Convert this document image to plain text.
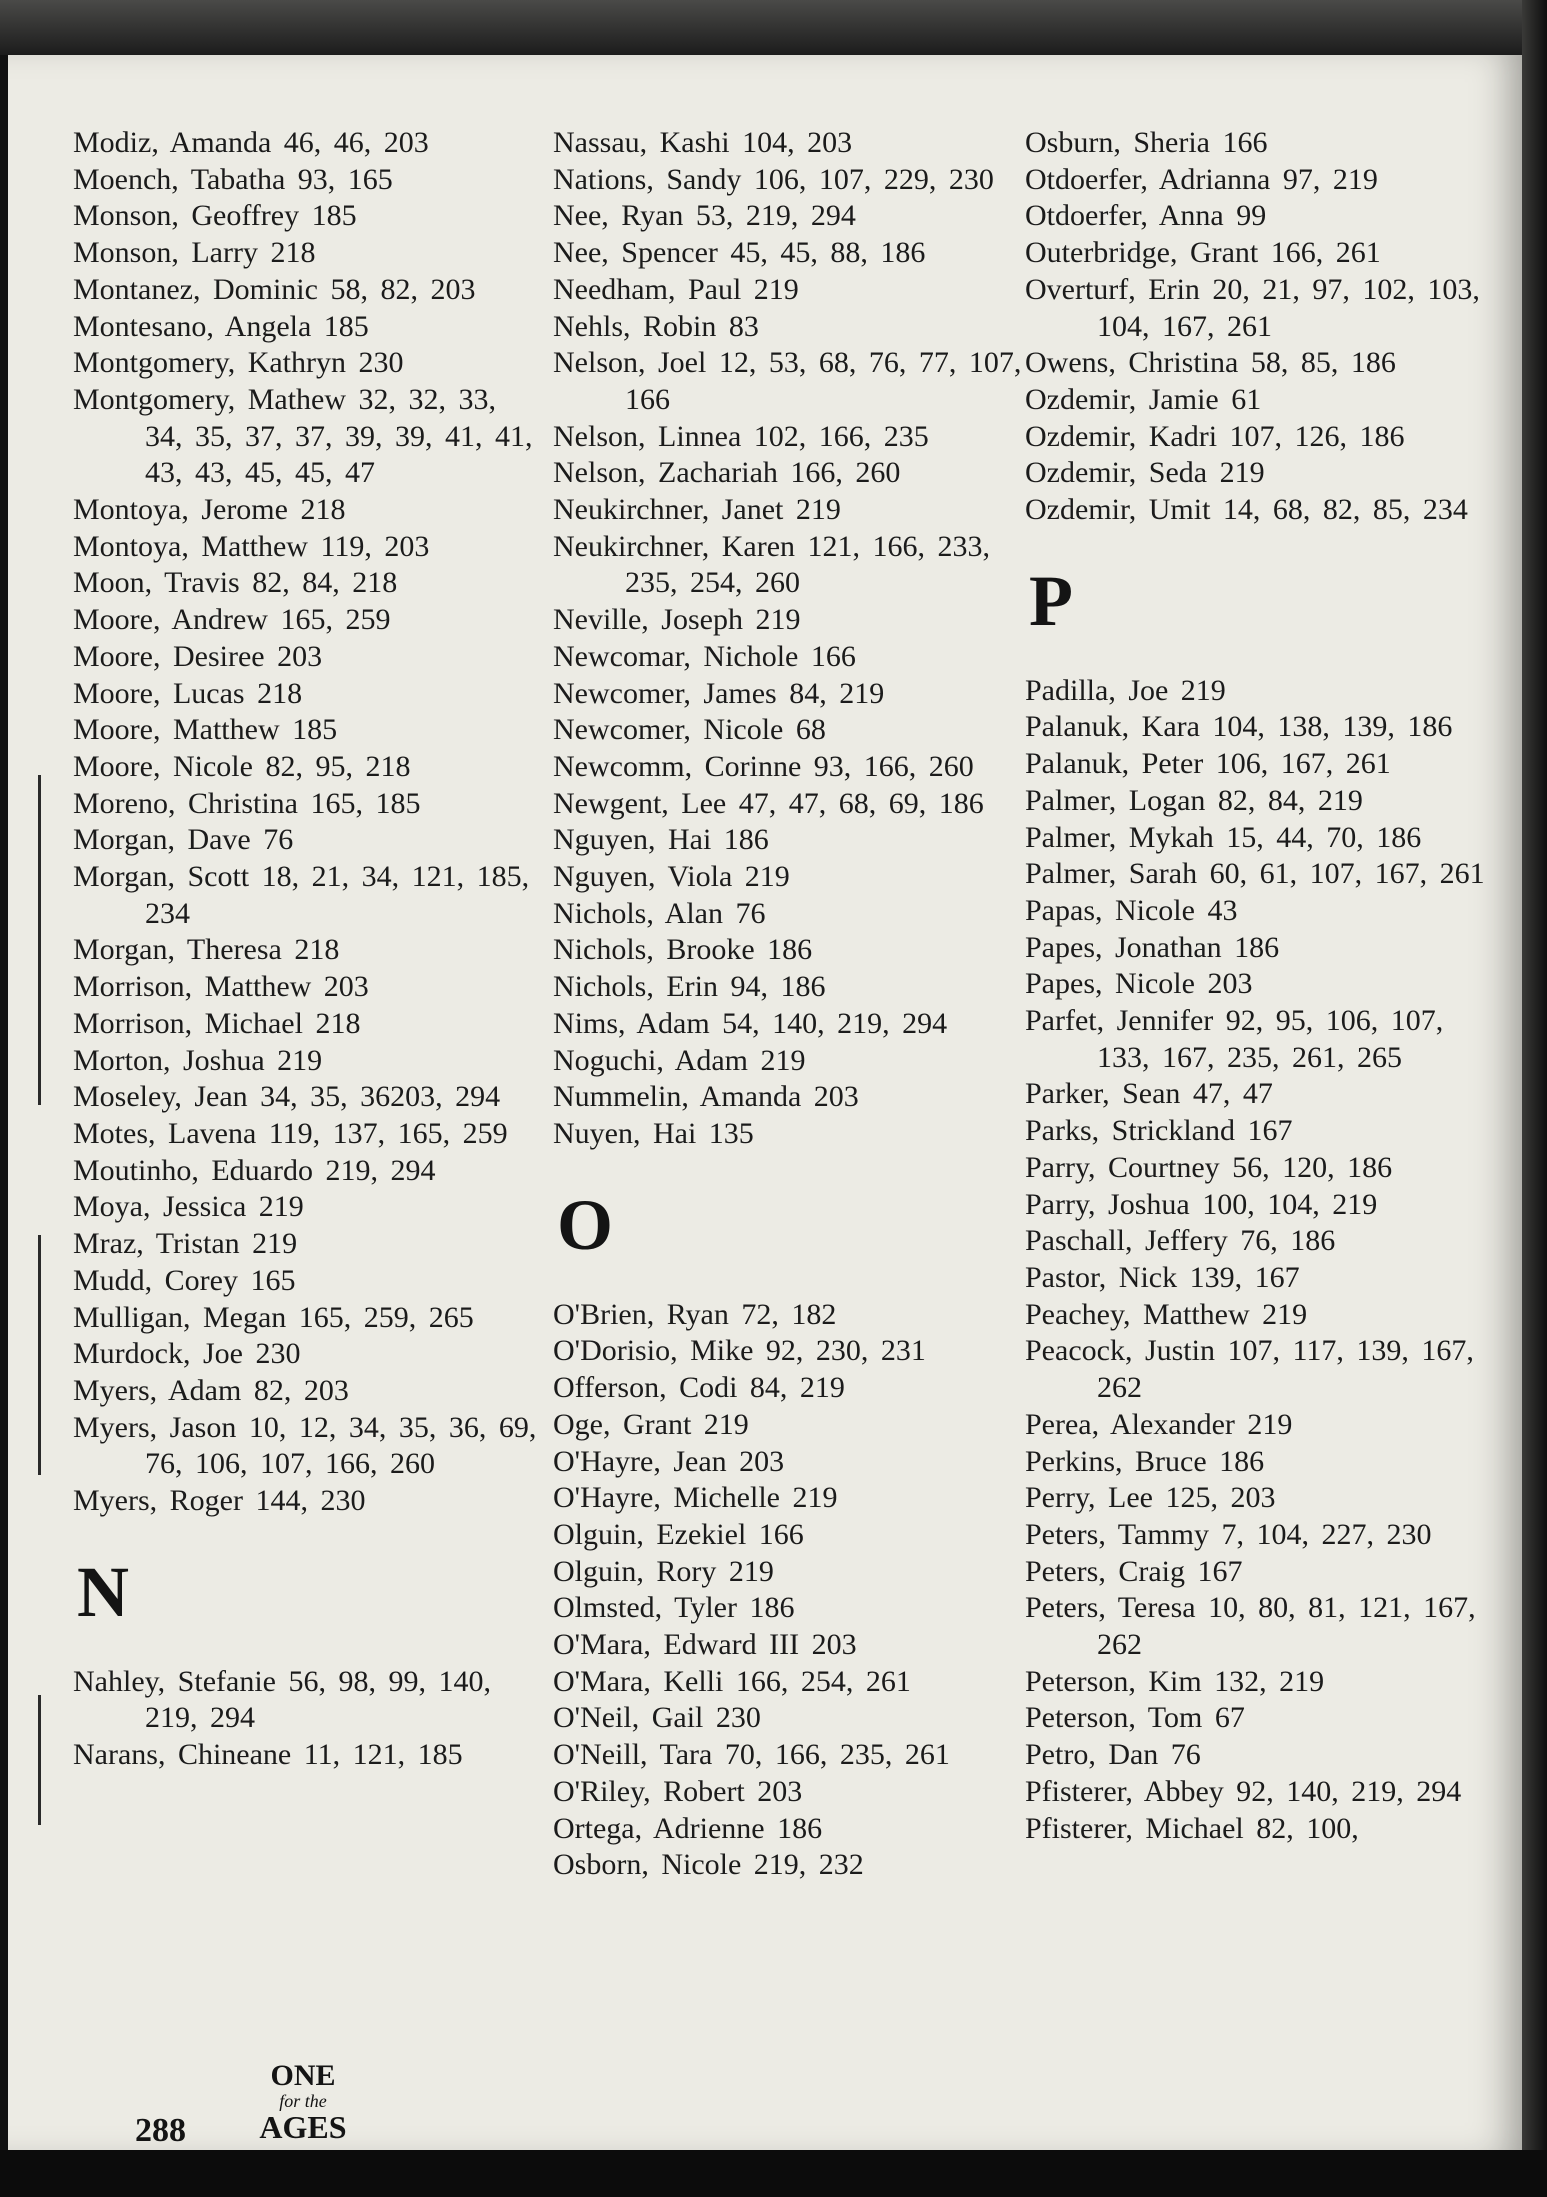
Modiz, Amanda 46, 46, 203
Moench, Tabatha 93, 165
Monson, Geoffrey 185
Monson, Larry 218
Montanez, Dominic 58, 82, 203
Montesano, Angela 185
Montgomery, Kathryn 230
Montgomery, Mathew 32, 32, 33, 34, 35, 37, 37, 39, 39, 41, 41, 43, 43, 45, 45, 47
Montoya, Jerome 218
Montoya, Matthew 119, 203
Moon, Travis 82, 84, 218
Moore, Andrew 165, 259
Moore, Desiree 203
Moore, Lucas 218
Moore, Matthew 185
Moore, Nicole 82, 95, 218
Moreno, Christina 165, 185
Morgan, Dave 76
Morgan, Scott 18, 21, 34, 121, 185, 234
Morgan, Theresa 218
Morrison, Matthew 203
Morrison, Michael 218
Morton, Joshua 219
Moseley, Jean 34, 35, 36203, 294
Motes, Lavena 119, 137, 165, 259
Moutinho, Eduardo 219, 294
Moya, Jessica 219
Mraz, Tristan 219
Mudd, Corey 165
Mulligan, Megan 165, 259, 265
Murdock, Joe 230
Myers, Adam 82, 203
Myers, Jason 10, 12, 34, 35, 36, 69, 76, 106, 107, 166, 260
Myers, Roger 144, 230
N
Nahley, Stefanie 56, 98, 99, 140, 219, 294
Narans, Chineane 11, 121, 185
Nassau, Kashi 104, 203
Nations, Sandy 106, 107, 229, 230
Nee, Ryan 53, 219, 294
Nee, Spencer 45, 45, 88, 186
Needham, Paul 219
Nehls, Robin 83
Nelson, Joel 12, 53, 68, 76, 77, 107, 166
Nelson, Linnea 102, 166, 235
Nelson, Zachariah 166, 260
Neukirchner, Janet 219
Neukirchner, Karen 121, 166, 233, 235, 254, 260
Neville, Joseph 219
Newcomar, Nichole 166
Newcomer, James 84, 219
Newcomer, Nicole 68
Newcomm, Corinne 93, 166, 260
Newgent, Lee 47, 47, 68, 69, 186
Nguyen, Hai 186
Nguyen, Viola 219
Nichols, Alan 76
Nichols, Brooke 186
Nichols, Erin 94, 186
Nims, Adam 54, 140, 219, 294
Noguchi, Adam 219
Nummelin, Amanda 203
Nuyen, Hai 135
O
O'Brien, Ryan 72, 182
O'Dorisio, Mike 92, 230, 231
Offerson, Codi 84, 219
Oge, Grant 219
O'Hayre, Jean 203
O'Hayre, Michelle 219
Olguin, Ezekiel 166
Olguin, Rory 219
Olmsted, Tyler 186
O'Mara, Edward III 203
O'Mara, Kelli 166, 254, 261
O'Neil, Gail 230
O'Neill, Tara 70, 166, 235, 261
O'Riley, Robert 203
Ortega, Adrienne 186
Osborn, Nicole 219, 232
Osburn, Sheria 166
Otdoerfer, Adrianna 97, 219
Otdoerfer, Anna 99
Outerbridge, Grant 166, 261
Overturf, Erin 20, 21, 97, 102, 103, 104, 167, 261
Owens, Christina 58, 85, 186
Ozdemir, Jamie 61
Ozdemir, Kadri 107, 126, 186
Ozdemir, Seda 219
Ozdemir, Umit 14, 68, 82, 85, 234
P
Padilla, Joe 219
Palanuk, Kara 104, 138, 139, 186
Palanuk, Peter 106, 167, 261
Palmer, Logan 82, 84, 219
Palmer, Mykah 15, 44, 70, 186
Palmer, Sarah 60, 61, 107, 167, 261
Papas, Nicole 43
Papes, Jonathan 186
Papes, Nicole 203
Parfet, Jennifer 92, 95, 106, 107, 133, 167, 235, 261, 265
Parker, Sean 47, 47
Parks, Strickland 167
Parry, Courtney 56, 120, 186
Parry, Joshua 100, 104, 219
Paschall, Jeffery 76, 186
Pastor, Nick 139, 167
Peachey, Matthew 219
Peacock, Justin 107, 117, 139, 167, 262
Perea, Alexander 219
Perkins, Bruce 186
Perry, Lee 125, 203
Peters, Tammy 7, 104, 227, 230
Peters, Craig 167
Peters, Teresa 10, 80, 81, 121, 167, 262
Peterson, Kim 132, 219
Peterson, Tom 67
Petro, Dan 76
Pfisterer, Abbey 92, 140, 219, 294
Pfisterer, Michael 82, 100,
288
ONE
for the
AGES
